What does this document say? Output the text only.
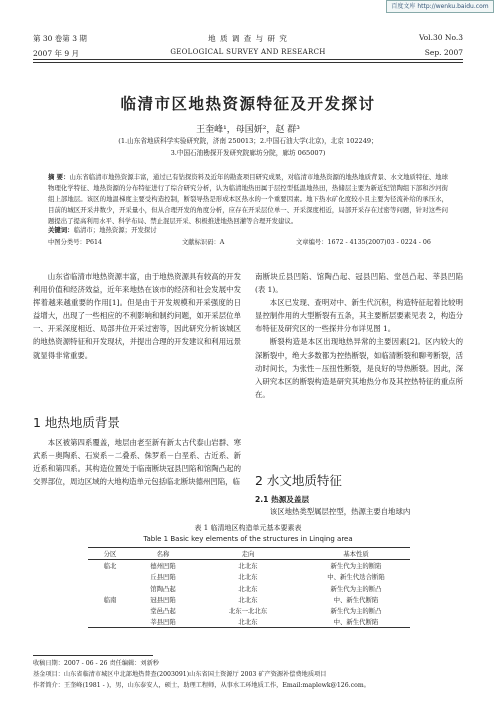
百度文库 http://wenku.baidu.com
第 30 卷第 3 期
2007 年 9 月
地 质 调 查 与 研 究
GEOLOGICAL SURVEY AND RESEARCH
Vol.30 No.3
Sep. 2007
临清市区地热资源特征及开发探讨
王奎峰¹，母国妍²，赵 群³
(1.山东省地质科学实验研究院，济南 250013；2.中国石油大学(北京)，北京 102249；
3.中国石油勘探开发研究院廊坊分院，廊坊 065007)
摘 要：山东省临清市地热资源丰富，通过已有钻探资料及近年的勘查项目研究成果，对临清市地热资源的地热地质背景、水文地质特征、地球物理化学特征、地热资源的分布特征进行了综合研究分析，认为临清地热田属于层控型低温地热田，热储层主要为新近纪馆陶组下部和沙河街组上部地层。该区的地温梯度主要受构造控制，断裂导热是形成本区热水的一个重要因素。地下热水矿化度较小且主要为径流补给的承压水，目前的城区开采井数少，开采量小，但从合理开发的角度分析，应存在开采层位单一、开采深度相近，局部开采存在过密等问题，针对这些问题提出了提高利用水平、科学布局、禁止混层开采、积极推进地热回灌等合理开发建议。
关键词：临清市；地热资源；开发探讨
中图分类号：P614	文献标识码：A	文章编号：1672 - 4135(2007)03 - 0224 - 06

山东省临清市地热资源丰富，由于地热资源具有较高的开发利用价值和经济效益，近年来地热在该市的经济和社会发展中发挥着越来越重要的作用[1]。但是由于开发规模和开采强度的日益增大，出现了一些相应的不利影响和制约问题，如开采层位单一、开采深度相近、局部井位开采过密等，因此研究分析该城区的地热资源特征和开发现状，并提出合理的开发建议和利用远景就显得非常重要。

1 地热地质背景

本区被第四系覆盖，地层由老至新有新太古代泰山岩群、寒武系－奥陶系、石炭系－二叠系、侏罗系－白垩系、古近系、新近系和第四系。其构造位置处于临南断块冠县凹陷和馆陶凸起的交界部位，周边区域的大地构造单元包括临北断块德州凹陷，临

南断块丘县凹陷、馆陶凸起、冠县凹陷、堂邑凸起、莘县凹陷(表 1)。

本区已发现、查明对中、新生代沉积，构造特征起着比较明显控制作用的大型断裂有五条，其主要断层要素见表 2，构造分布特征及研究区的一些探井分布详见图 1。

断裂构造是本区出现地热异常的主要因素[2]。区内较大的深断裂中，绝大多数都为控热断裂，如临清断裂和聊考断裂，活动时间长，为张性－压扭性断裂，是良好的导热断裂。因此，深入研究本区的断裂构造是研究其地热分布及其控热特征的重点所在。

2 水文地质特征
2.1 热源及盖层

该区地热类型属层控型，热源主要自地球内

表 1 临清地区构造单元基本要素表
Table 1 Basic key elements of the structures in Linqing area
分区	名称	走向	基本性质
临北	德州凹陷	北北东	新生代为主的断陷
	丘县凹陷	北北东	中、新生代迭合断陷
	馆陶凸起	北北东	新生代为主的断凸
临南	冠县凹陷	北北东	中、新生代断陷
	堂邑凸起	北东一北北东	新生代为主的断凸
	莘县凹陷	北北东	中、新生代断陷
收稿日期：2007 - 06 - 26 责任编辑：刘新秒
基金项目：山东省临清市城区中北部地热普查(2003091)山东省国土资源厅 2003 矿产资源补偿费地质项目
作者简介：王奎峰(1981 - )，男，山东泰安人，硕士，助理工程师，从事水工环地质工作，Email:maplewk@126.com。
